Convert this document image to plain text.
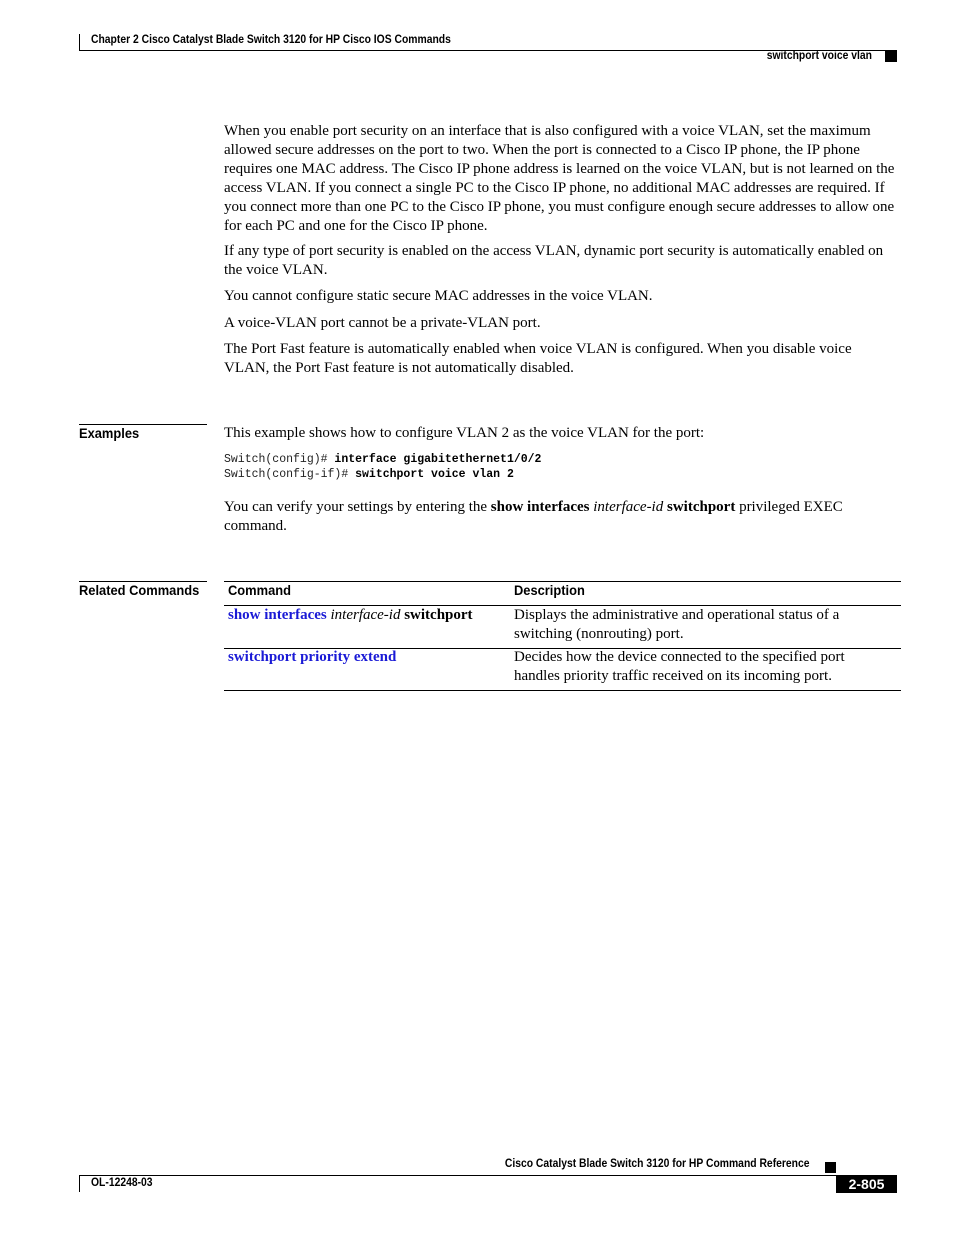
Chapter 2 Cisco Catalyst Blade Switch 3120 for HP Cisco IOS Commands
switchport voice vlan

When you enable port security on an interface that is also configured with a voice VLAN, set the maximum allowed secure addresses on the port to two. When the port is connected to a Cisco IP phone, the IP phone requires one MAC address. The Cisco IP phone address is learned on the voice VLAN, but is not learned on the access VLAN. If you connect a single PC to the Cisco IP phone, no additional MAC addresses are required. If you connect more than one PC to the Cisco IP phone, you must configure enough secure addresses to allow one for each PC and one for the Cisco IP phone.

If any type of port security is enabled on the access VLAN, dynamic port security is automatically enabled on the voice VLAN.

You cannot configure static secure MAC addresses in the voice VLAN.

A voice-VLAN port cannot be a private-VLAN port.

The Port Fast feature is automatically enabled when voice VLAN is configured. When you disable voice VLAN, the Port Fast feature is not automatically disabled.

Examples	This example shows how to configure VLAN 2 as the voice VLAN for the port:

Switch(config)# interface gigabitethernet1/0/2
Switch(config-if)# switchport voice vlan 2

You can verify your settings by entering the show interfaces interface-id switchport privileged EXEC command.

Related Commands Command	Description
show interfaces interface-id switchport	Displays the administrative and operational status of a switching (nonrouting) port.
switchport priority extend	Decides how the device connected to the specified port handles priority traffic received on its incoming port.
Cisco Catalyst Blade Switch 3120 for HP Command Reference
OL-12248-03	2-805
